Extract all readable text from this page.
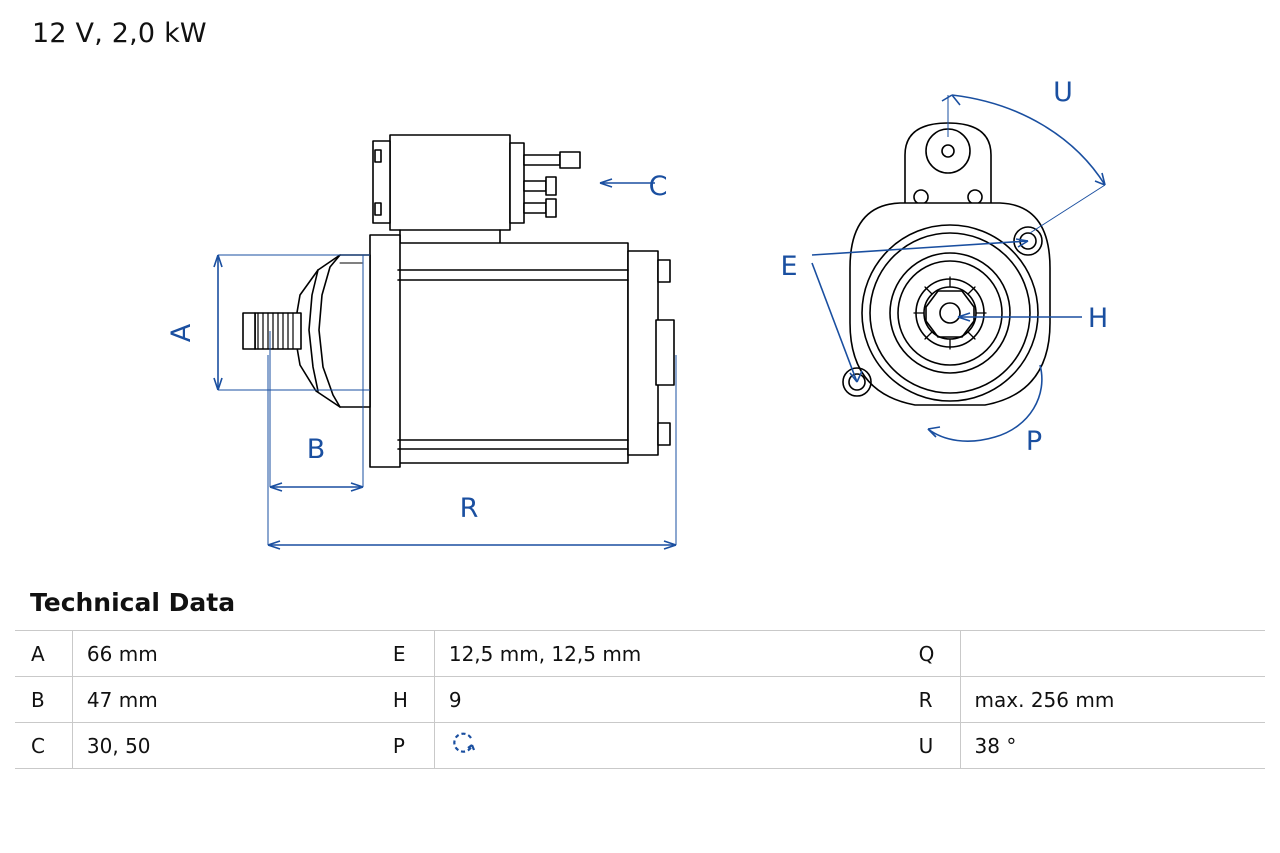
12 V, 2,0 kW
A
B
C
R
E
H
P
U
Technical Data
A	66 mm	E	12,5 mm, 12,5 mm	Q	
B	47 mm	H	9	R	max. 256 mm
C	30, 50	P		U	38 °
